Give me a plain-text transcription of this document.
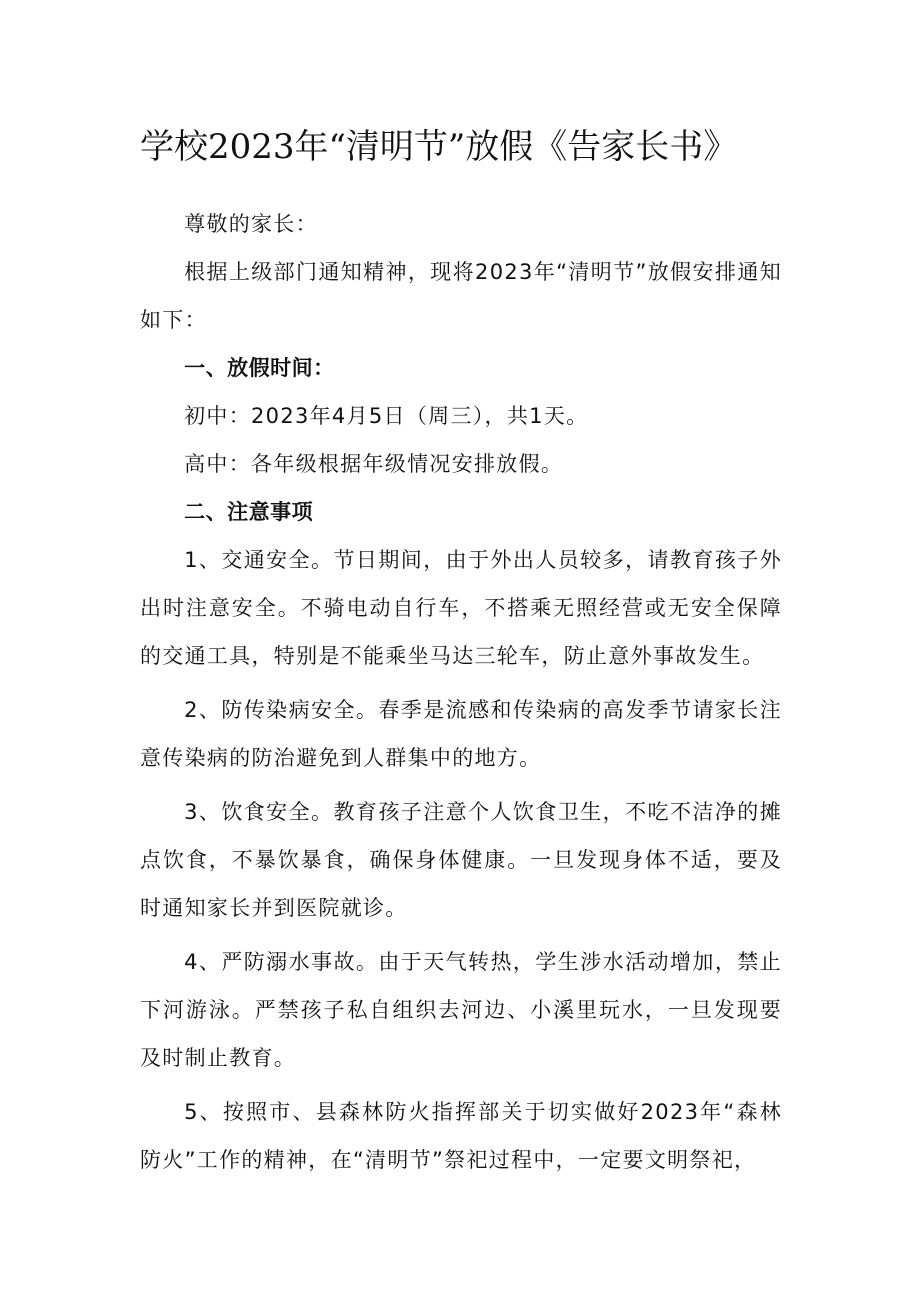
学校2023年“清明节”放假《告家长书》

尊敬的家长：

根据上级部门通知精神，现将2023年“清明节”放假安排通知如下：

一、放假时间：

初中：2023年4月5日（周三），共1天。

高中：各年级根据年级情况安排放假。

二、注意事项

1、交通安全。节日期间，由于外出人员较多，请教育孩子外出时注意安全。不骑电动自行车，不搭乘无照经营或无安全保障的交通工具，特别是不能乘坐马达三轮车，防止意外事故发生。

2、防传染病安全。春季是流感和传染病的高发季节请家长注意传染病的防治避免到人群集中的地方。

3、饮食安全。教育孩子注意个人饮食卫生，不吃不洁净的摊点饮食，不暴饮暴食，确保身体健康。一旦发现身体不适，要及时通知家长并到医院就诊。

4、严防溺水事故。由于天气转热，学生涉水活动增加，禁止下河游泳。严禁孩子私自组织去河边、小溪里玩水，一旦发现要及时制止教育。

5、按照市、县森林防火指挥部关于切实做好2023年“森林防火”工作的精神，在“清明节”祭祀过程中，一定要文明祭祀，
